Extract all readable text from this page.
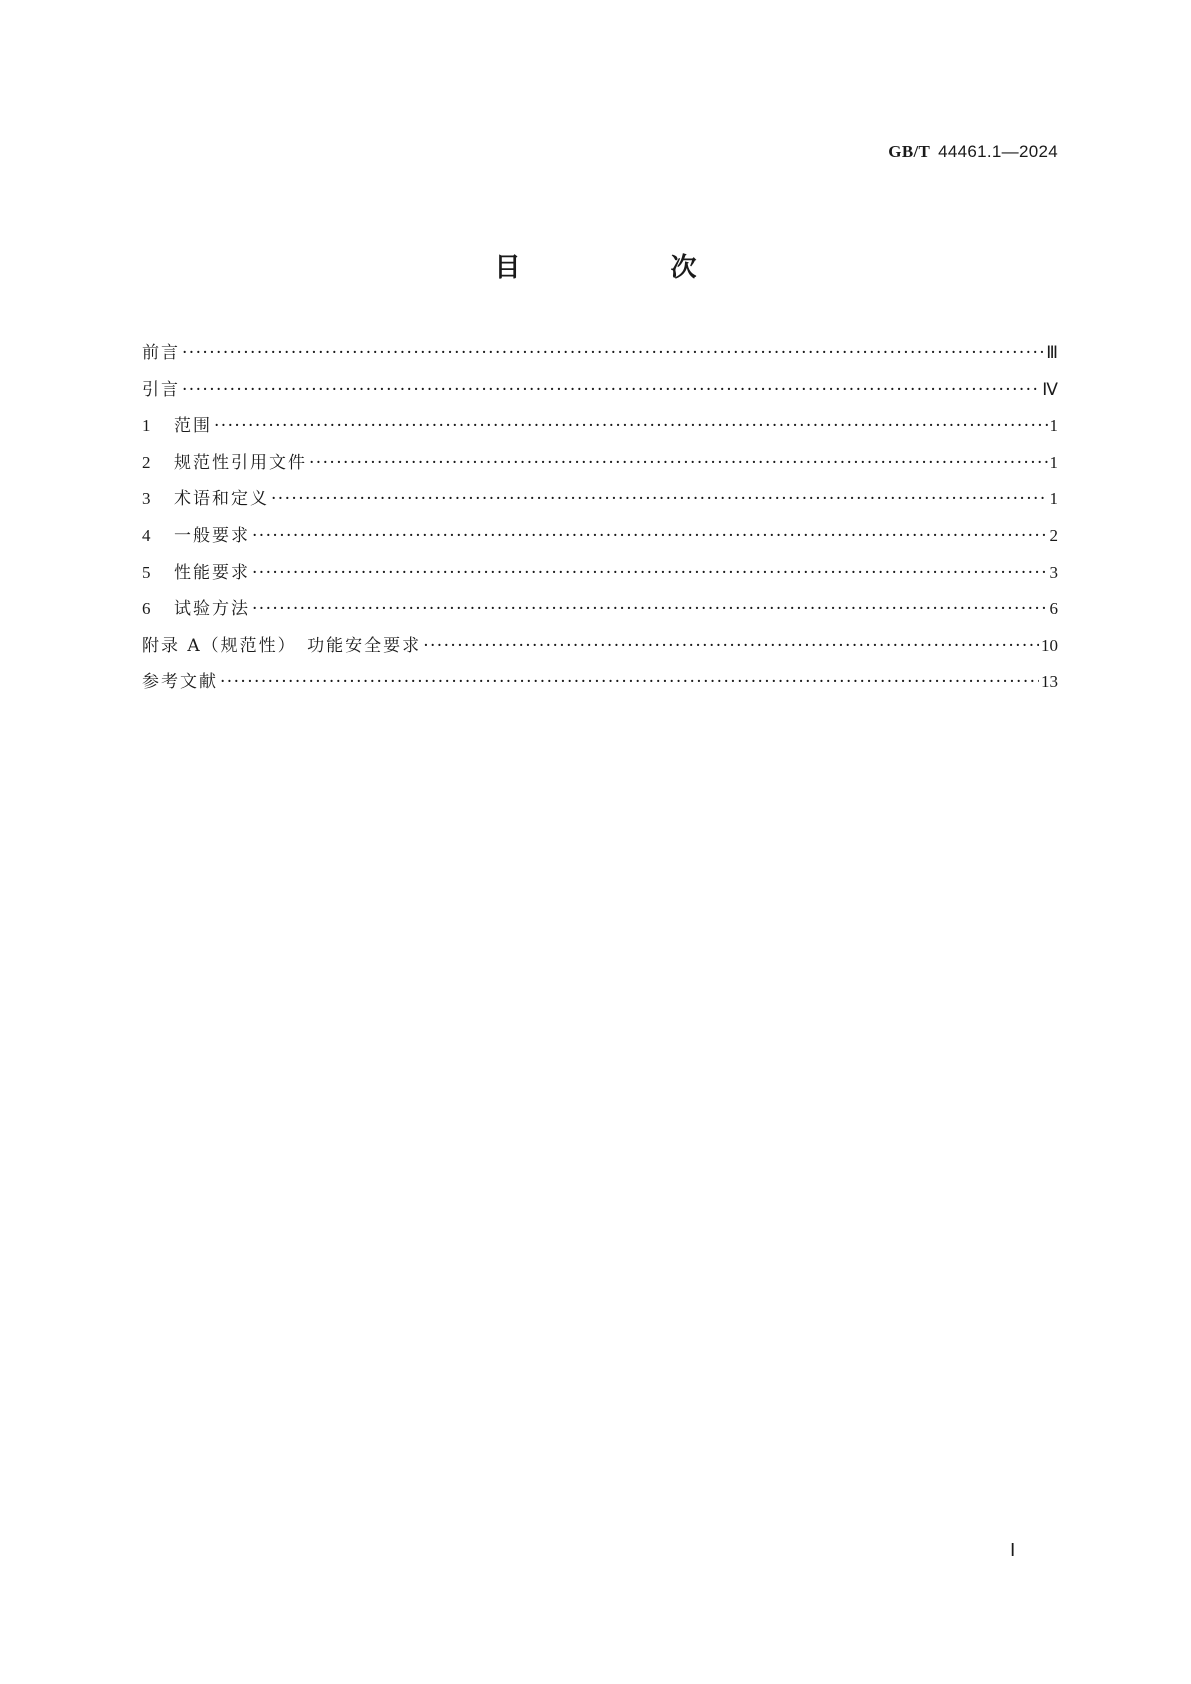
GB/T 44461.1—2024
目　次
前言 ·····	Ⅲ
引言 ·····	Ⅳ
1	范围 ·····	1
2	规范性引用文件 ·····	1
3	术语和定义 ·····	1
4	一般要求 ·····	2
5	性能要求 ·····	3
6	试验方法 ·····	6
附录 A（规范性）　功能安全要求 ·····	10
参考文献 ·····	13
Ⅰ
